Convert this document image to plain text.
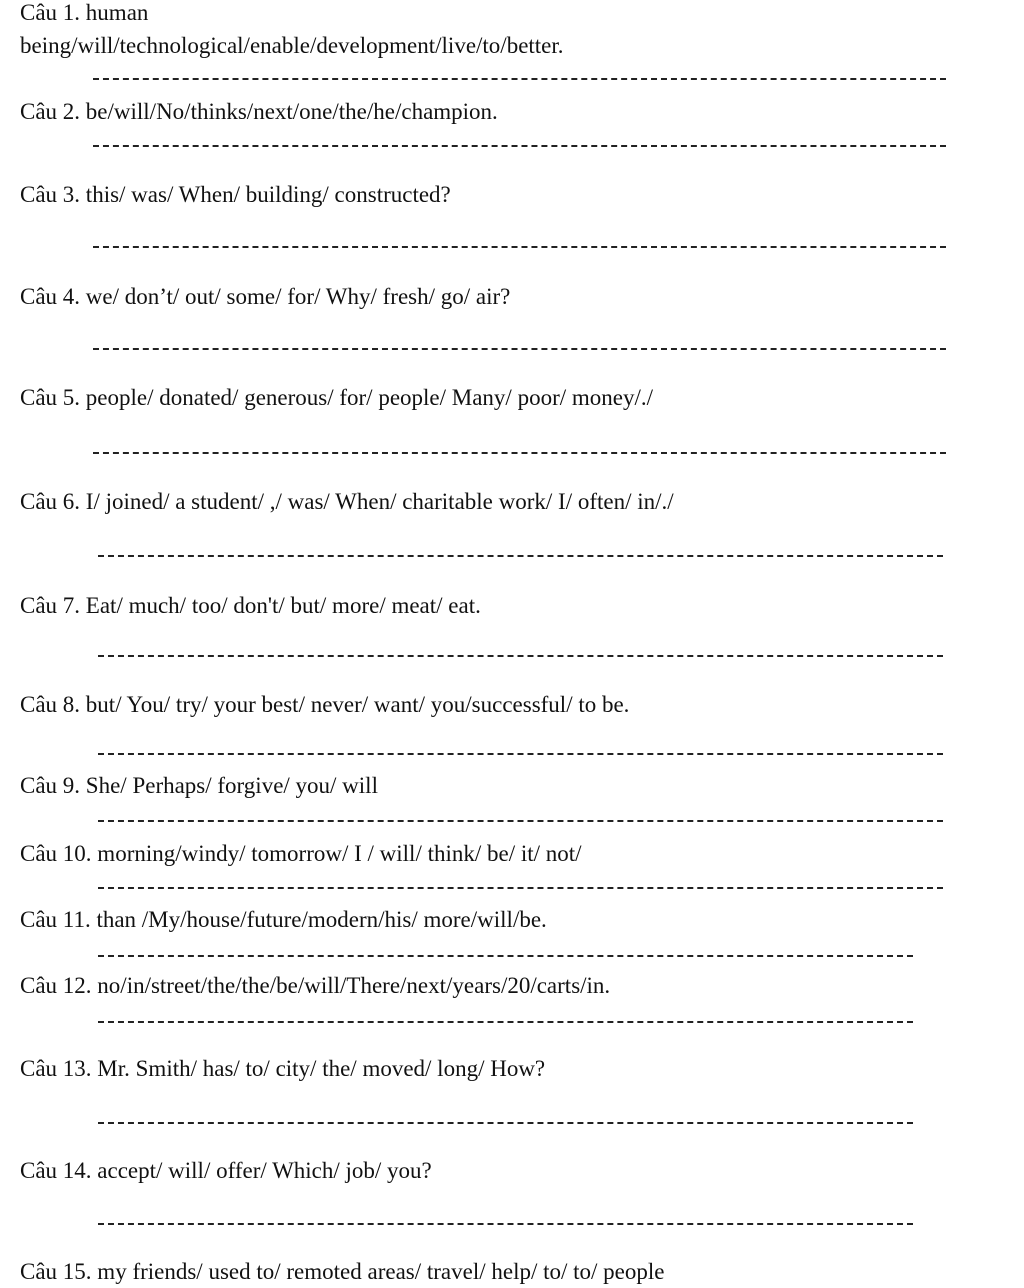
Câu 1. human

being/will/technological/enable/development/live/to/better.

Câu 2. be/will/No/thinks/next/one/the/he/champion.

Câu 3. this/ was/ When/ building/ constructed?

Câu 4. we/ don’t/ out/ some/ for/ Why/ fresh/ go/ air?

Câu 5. people/ donated/ generous/ for/ people/ Many/ poor/ money/./

Câu 6. I/ joined/ a student/ ,/ was/ When/ charitable work/ I/ often/ in/./

Câu 7. Eat/ much/ too/ don't/ but/ more/ meat/ eat.

Câu 8. but/ You/ try/ your best/ never/ want/ you/successful/ to be.

Câu 9. She/ Perhaps/ forgive/ you/ will

Câu 10. morning/windy/ tomorrow/ I / will/ think/ be/ it/ not/

Câu 11. than /My/house/future/modern/his/ more/will/be.

Câu 12. no/in/street/the/the/be/will/There/next/years/20/carts/in.

Câu 13. Mr. Smith/ has/ to/ city/ the/ moved/ long/ How?

Câu 14. accept/ will/ offer/ Which/ job/ you?

Câu 15. my friends/ used to/ remoted areas/ travel/ help/ to/ to/ people
